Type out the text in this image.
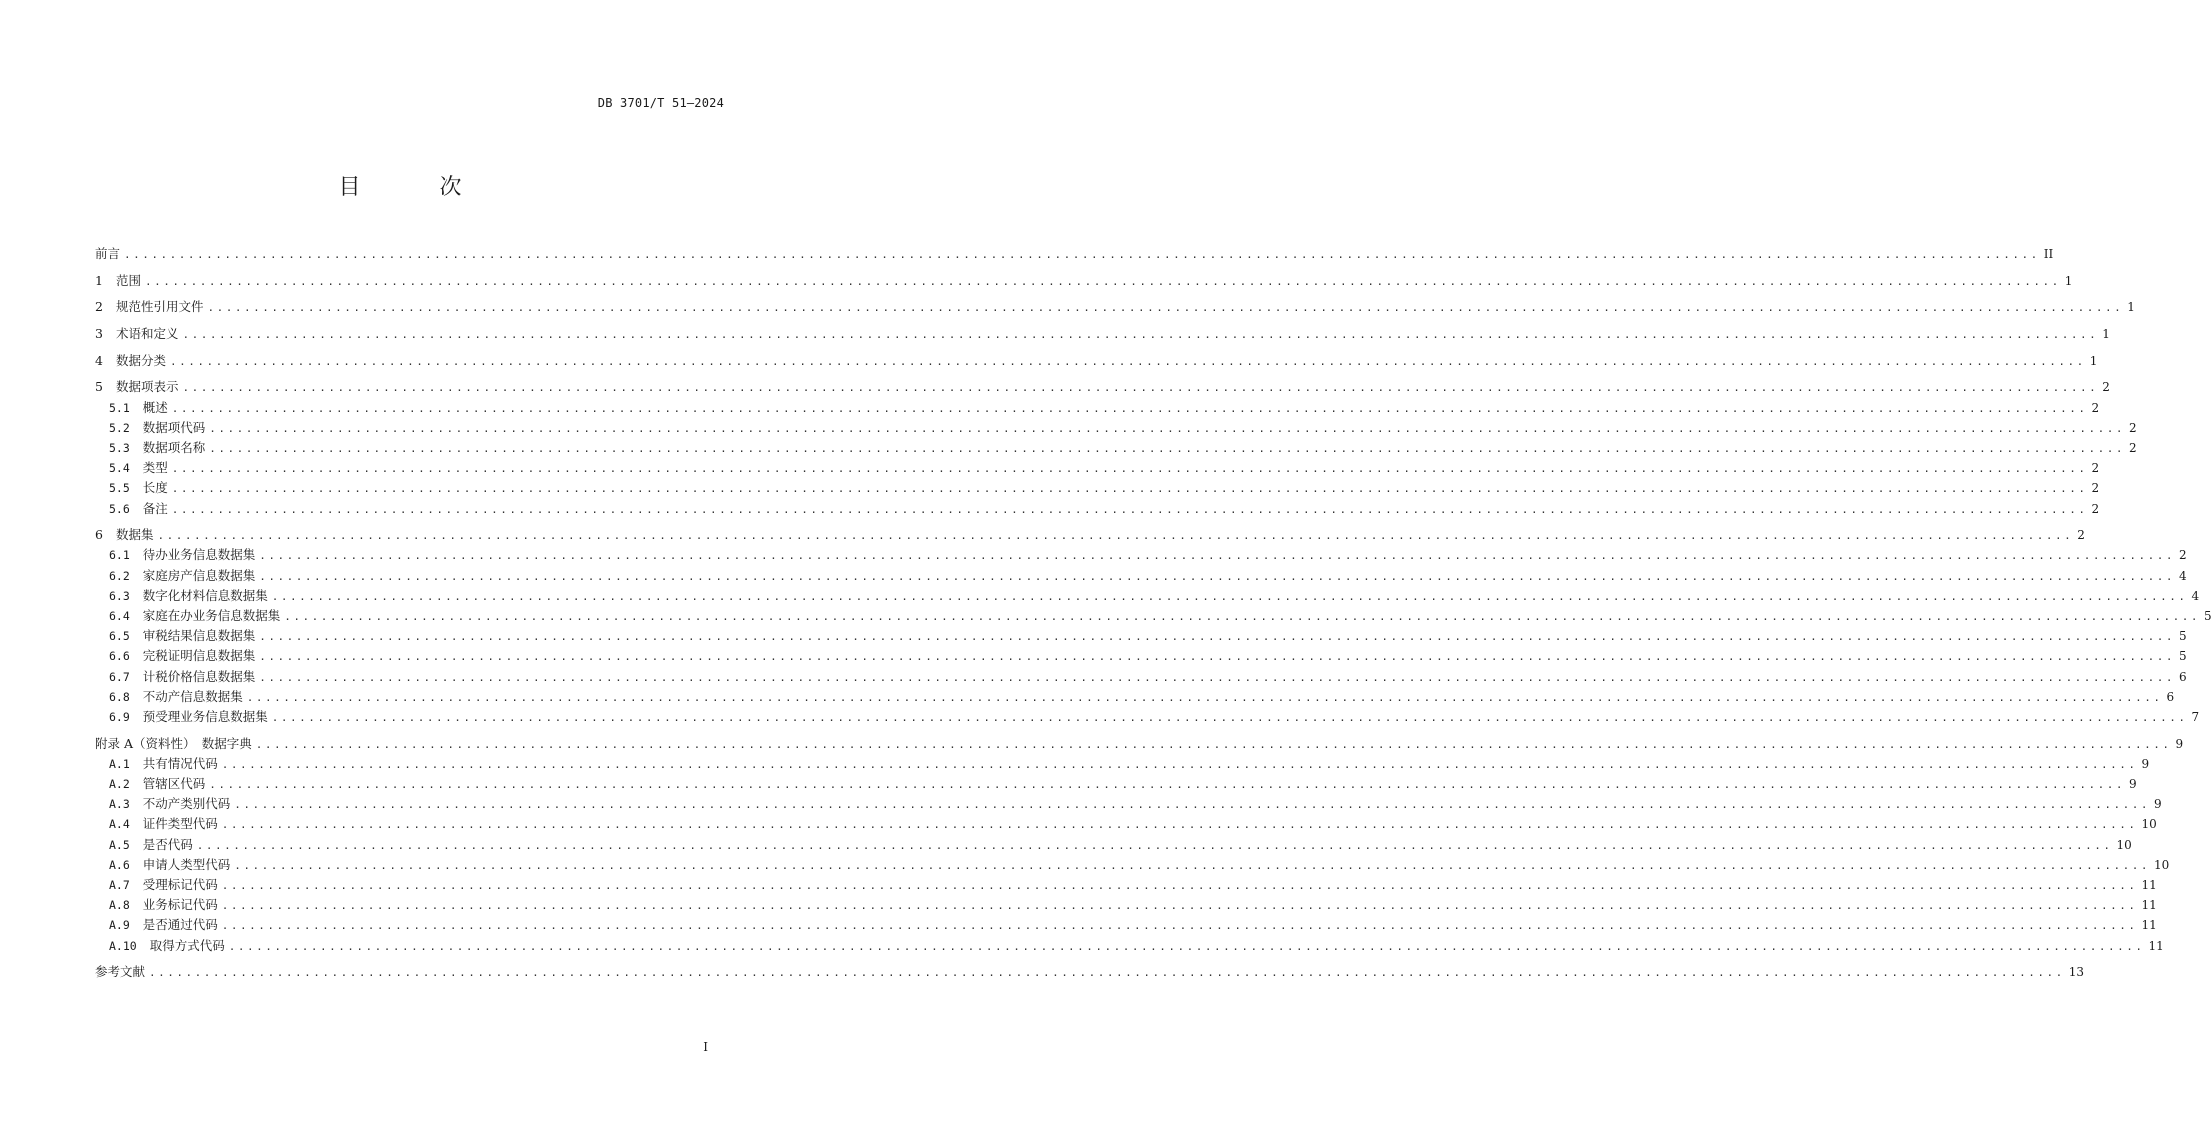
DB 3701/T 51—2024
目 次
前言 .................................................................................................................................................................................................................. II
1 范围 .................................................................................................................................................................................................................. 1
2 规范性引用文件 .................................................................................................................................................................................................................. 1
3 术语和定义 .................................................................................................................................................................................................................. 1
4 数据分类 .................................................................................................................................................................................................................. 1
5 数据项表示 .................................................................................................................................................................................................................. 2
5.1 概述 .................................................................................................................................................................................................................. 2
5.2 数据项代码 .................................................................................................................................................................................................................. 2
5.3 数据项名称 .................................................................................................................................................................................................................. 2
5.4 类型 .................................................................................................................................................................................................................. 2
5.5 长度 .................................................................................................................................................................................................................. 2
5.6 备注 .................................................................................................................................................................................................................. 2
6 数据集 .................................................................................................................................................................................................................. 2
6.1 待办业务信息数据集 .................................................................................................................................................................................................................. 2
6.2 家庭房产信息数据集 .................................................................................................................................................................................................................. 4
6.3 数字化材料信息数据集 .................................................................................................................................................................................................................. 4
6.4 家庭在办业务信息数据集 .................................................................................................................................................................................................................. 5
6.5 审税结果信息数据集 .................................................................................................................................................................................................................. 5
6.6 完税证明信息数据集 .................................................................................................................................................................................................................. 5
6.7 计税价格信息数据集 .................................................................................................................................................................................................................. 6
6.8 不动产信息数据集 .................................................................................................................................................................................................................. 6
6.9 预受理业务信息数据集 .................................................................................................................................................................................................................. 7
附录 A（资料性）　数据字典 .................................................................................................................................................................................................................. 9
A.1 共有情况代码 .................................................................................................................................................................................................................. 9
A.2 管辖区代码 .................................................................................................................................................................................................................. 9
A.3 不动产类别代码 .................................................................................................................................................................................................................. 9
A.4 证件类型代码 .................................................................................................................................................................................................................. 10
A.5 是否代码 .................................................................................................................................................................................................................. 10
A.6 申请人类型代码 .................................................................................................................................................................................................................. 10
A.7 受理标记代码 .................................................................................................................................................................................................................. 11
A.8 业务标记代码 .................................................................................................................................................................................................................. 11
A.9 是否通过代码 .................................................................................................................................................................................................................. 11
A.10 取得方式代码 .................................................................................................................................................................................................................. 11
参考文献 .................................................................................................................................................................................................................. 13
I
